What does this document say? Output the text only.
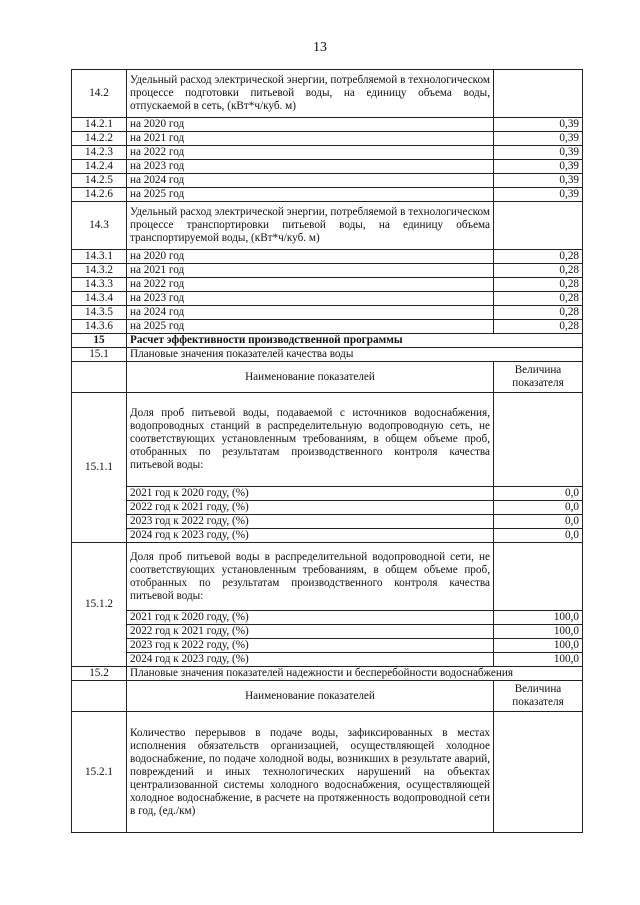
13
14.2	Удельный расход электрической энергии, потребляемой в технологическом процессе подготовки питьевой воды, на единицу объема воды, отпускаемой в сеть, (кВт*ч/куб. м)	
14.2.1	на 2020 год	0,39
14.2.2	на 2021 год	0,39
14.2.3	на 2022 год	0,39
14.2.4	на 2023 год	0,39
14.2.5	на 2024 год	0,39
14.2.6	на 2025 год	0,39
14.3	Удельный расход электрической энергии, потребляемой в технологическом процессе транспортировки питьевой воды, на единицу объема транспортируемой воды, (кВт*ч/куб. м)	
14.3.1	на 2020 год	0,28
14.3.2	на 2021 год	0,28
14.3.3	на 2022 год	0,28
14.3.4	на 2023 год	0,28
14.3.5	на 2024 год	0,28
14.3.6	на 2025 год	0,28
15	Расчет эффективности производственной программы	
15.1	Плановые значения показателей качества воды	
	Наименование показателей	Величина показателя
15.1.1	Доля проб питьевой воды, подаваемой с источников водоснабжения, водопроводных станций в распределительную водопроводную сеть, не соответствующих установленным требованиям, в общем объеме проб, отобранных по результатам производственного контроля качества питьевой воды:	
	2021 год к 2020 году, (%)	0,0
	2022 год к 2021 году, (%)	0,0
	2023 год к 2022 году, (%)	0,0
	2024 год к 2023 году, (%)	0,0
15.1.2	Доля проб питьевой воды в распределительной водопроводной сети, не соответствующих установленным требованиям, в общем объеме проб, отобранных по результатам производственного контроля качества питьевой воды:	
	2021 год к 2020 году, (%)	100,0
	2022 год к 2021 году, (%)	100,0
	2023 год к 2022 году, (%)	100,0
	2024 год к 2023 году, (%)	100,0
15.2	Плановые значения показателей надежности и бесперебойности водоснабжения	
	Наименование показателей	Величина показателя
15.2.1	Количество перерывов в подаче воды, зафиксированных в местах исполнения обязательств организацией, осуществляющей холодное водоснабжение, по подаче холодной воды, возникших в результате аварий, повреждений и иных технологических нарушений на объектах централизованной системы холодного водоснабжения, осуществляющей холодное водоснабжение, в расчете на протяженность водопроводной сети в год, (ед./км)	
